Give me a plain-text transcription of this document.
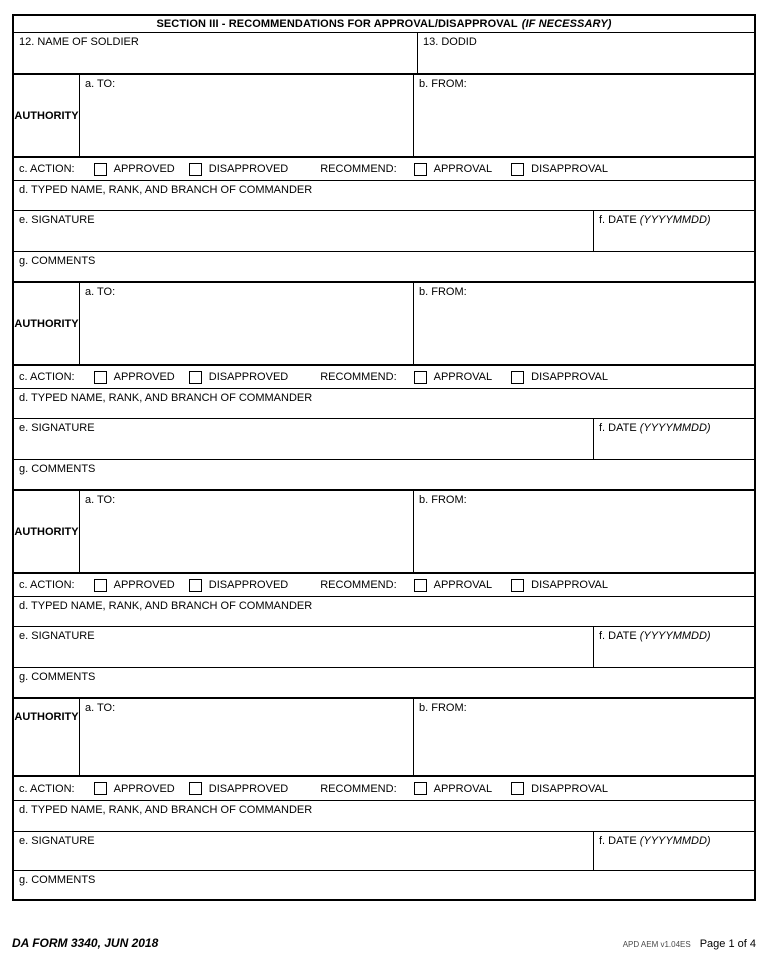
SECTION III - RECOMMENDATIONS FOR APPROVAL/DISAPPROVAL (IF NECESSARY)
12. NAME OF SOLDIER	13. DODID
AUTHORITY
a. TO:	b. FROM:
c. ACTION:	APPROVED	DISAPPROVED	RECOMMEND:	APPROVAL	DISAPPROVAL
d. TYPED NAME, RANK, AND BRANCH OF COMMANDER
e. SIGNATURE	f. DATE (YYYYMMDD)
g. COMMENTS
AUTHORITY
a. TO:	b. FROM:
c. ACTION:	APPROVED	DISAPPROVED	RECOMMEND:	APPROVAL	DISAPPROVAL
d. TYPED NAME, RANK, AND BRANCH OF COMMANDER
e. SIGNATURE	f. DATE (YYYYMMDD)
g. COMMENTS
AUTHORITY
a. TO:	b. FROM:
c. ACTION:	APPROVED	DISAPPROVED	RECOMMEND:	APPROVAL	DISAPPROVAL
d. TYPED NAME, RANK, AND BRANCH OF COMMANDER
e. SIGNATURE	f. DATE (YYYYMMDD)
g. COMMENTS
AUTHORITY
a. TO:	b. FROM:
c. ACTION:	APPROVED	DISAPPROVED	RECOMMEND:	APPROVAL	DISAPPROVAL
d. TYPED NAME, RANK, AND BRANCH OF COMMANDER
e. SIGNATURE	f. DATE (YYYYMMDD)
g. COMMENTS
DA FORM 3340, JUN 2018	APD AEM v1.04ES Page 1 of 4
